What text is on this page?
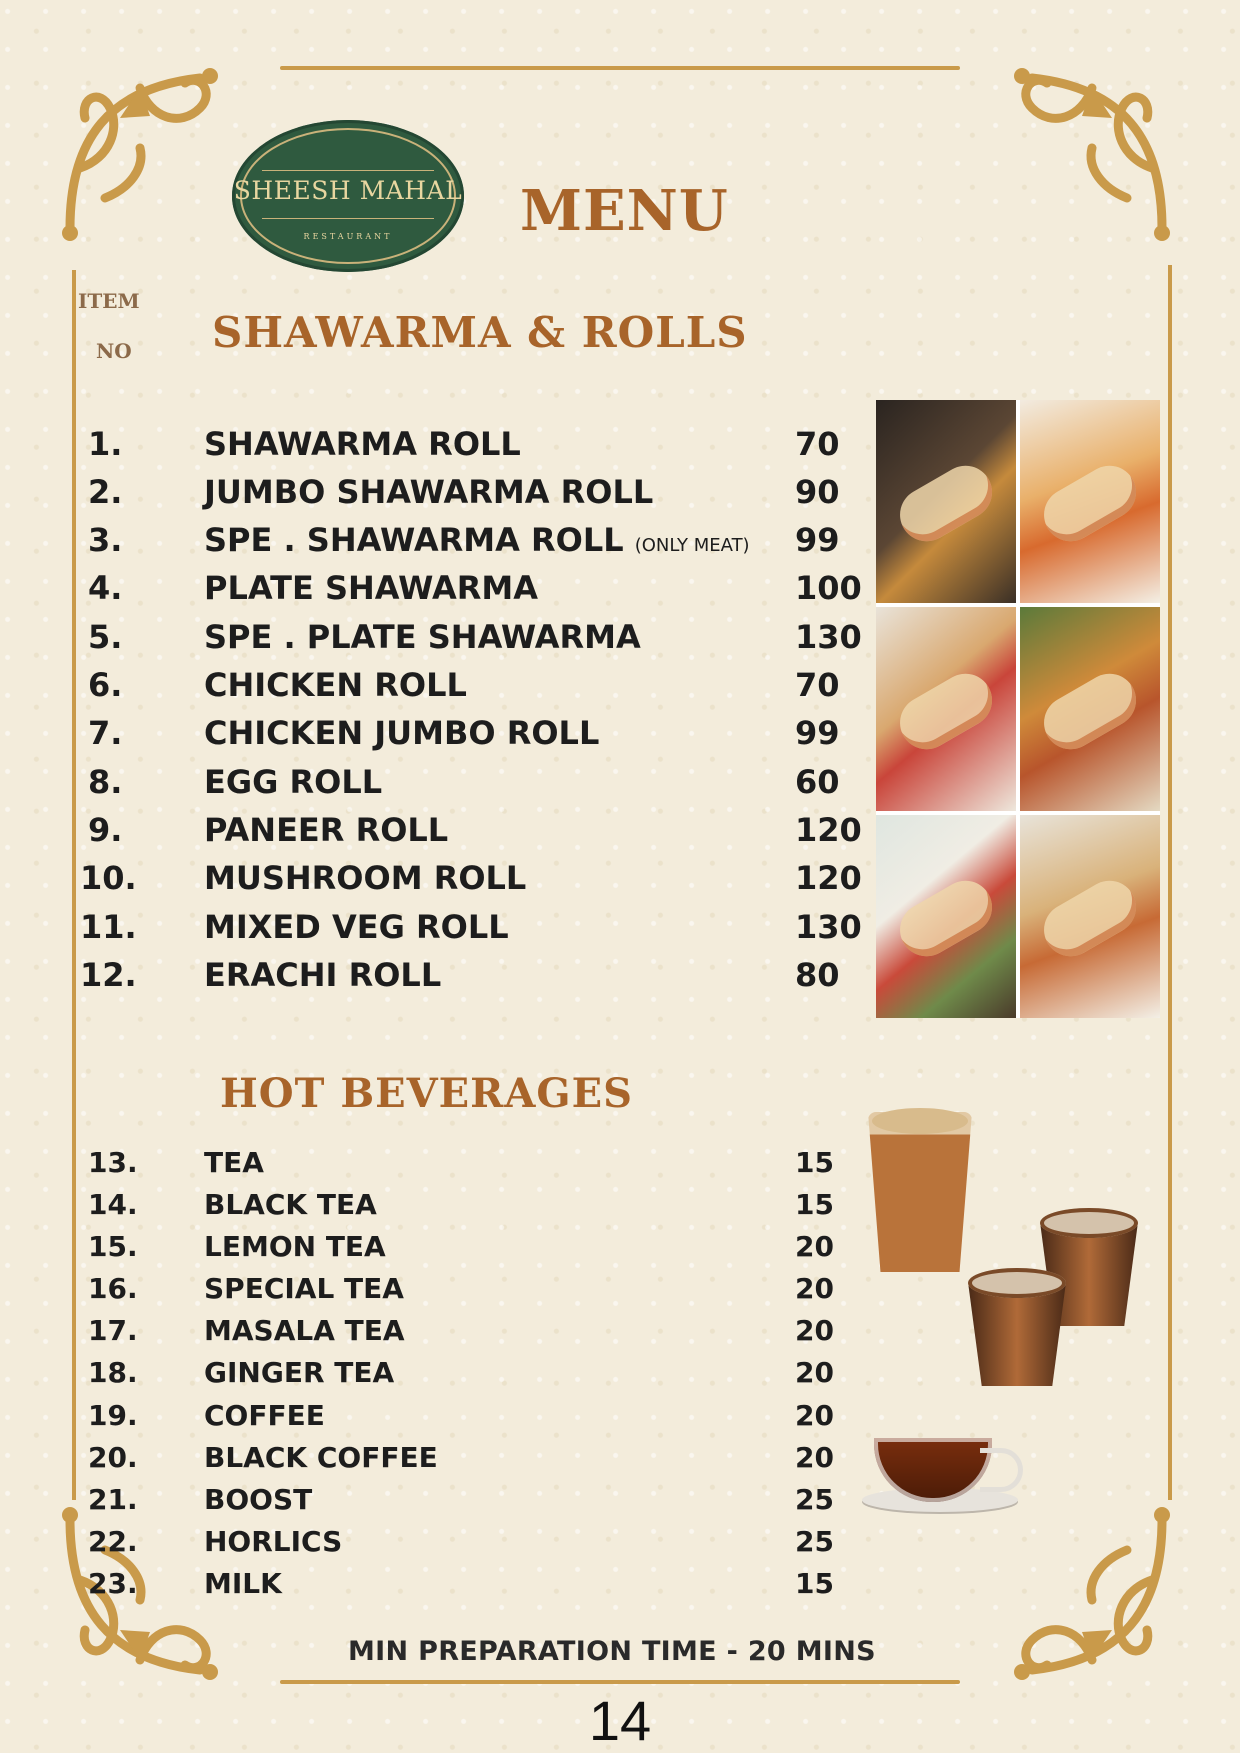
SHEESH MAHAL
RESTAURANT	MENU
ITEM
NO SHAWARMA & ROLLS
1.	SHAWARMA ROLL	70
2.	JUMBO SHAWARMA ROLL	90
3.	SPE . SHAWARMA ROLL (ONLY MEAT) 99
4.	PLATE SHAWARMA	100
5.	SPE . PLATE SHAWARMA	130
6.	CHICKEN ROLL	70
7.	CHICKEN JUMBO ROLL	99
8.	EGG ROLL	60
9.	PANEER ROLL	120
10. MUSHROOM ROLL	120
11. MIXED VEG ROLL	130
12. ERACHI ROLL	80
HOT BEVERAGES
13. TEA	15
14. BLACK TEA	15
15. LEMON TEA	20
16. SPECIAL TEA	20
17. MASALA TEA	20
18. GINGER TEA	20
19. COFFEE	20
20. BLACK COFFEE	20
21. BOOST	25
22. HORLICS	25
23. MILK	15
MIN PREPARATION TIME - 20 MINS
14
